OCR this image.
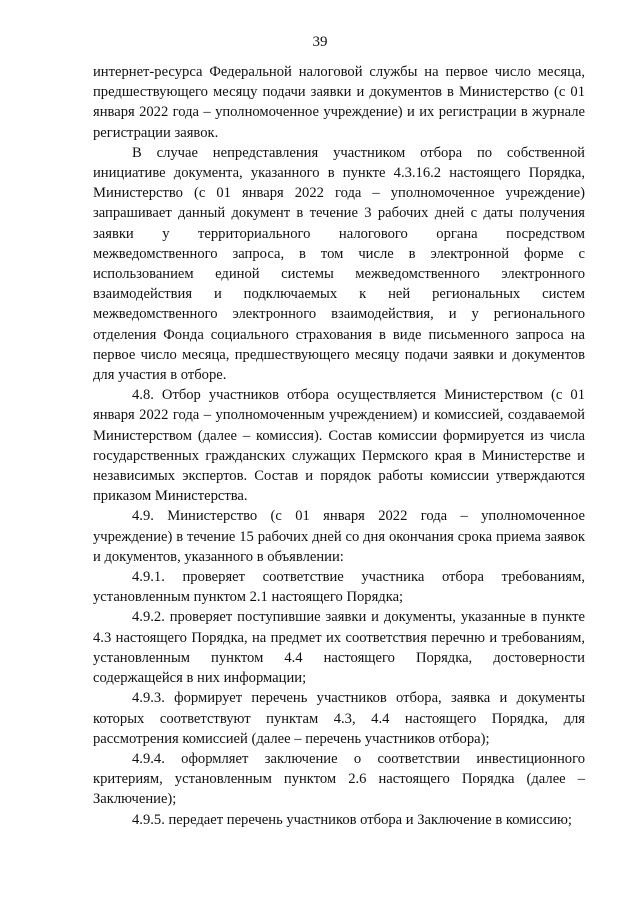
39

интернет-ресурса Федеральной налоговой службы на первое число месяца, предшествующего месяцу подачи заявки и документов в Министерство (с 01 января 2022 года – уполномоченное учреждение) и их регистрации в журнале регистрации заявок.

В случае непредставления участником отбора по собственной инициативе документа, указанного в пункте 4.3.16.2 настоящего Порядка, Министерство (с 01 января 2022 года – уполномоченное учреждение) запрашивает данный документ в течение 3 рабочих дней с даты получения заявки у территориального налогового органа посредством межведомственного запроса, в том числе в электронной форме с использованием единой системы межведомственного электронного взаимодействия и подключаемых к ней региональных систем межведомственного электронного взаимодействия, и у регионального отделения Фонда социального страхования в виде письменного запроса на первое число месяца, предшествующего месяцу подачи заявки и документов для участия в отборе.

4.8. Отбор участников отбора осуществляется Министерством (с 01 января 2022 года – уполномоченным учреждением) и комиссией, создаваемой Министерством (далее – комиссия). Состав комиссии формируется из числа государственных гражданских служащих Пермского края в Министерстве и независимых экспертов. Состав и порядок работы комиссии утверждаются приказом Министерства.

4.9. Министерство (с 01 января 2022 года – уполномоченное учреждение) в течение 15 рабочих дней со дня окончания срока приема заявок и документов, указанного в объявлении:

4.9.1. проверяет соответствие участника отбора требованиям, установленным пунктом 2.1 настоящего Порядка;

4.9.2. проверяет поступившие заявки и документы, указанные в пункте 4.3 настоящего Порядка, на предмет их соответствия перечню и требованиям, установленным пунктом 4.4 настоящего Порядка, достоверности содержащейся в них информации;

4.9.3. формирует перечень участников отбора, заявка и документы которых соответствуют пунктам 4.3, 4.4 настоящего Порядка, для рассмотрения комиссией (далее – перечень участников отбора);

4.9.4. оформляет заключение о соответствии инвестиционного критериям, установленным пунктом 2.6 настоящего Порядка (далее – Заключение);

4.9.5. передает перечень участников отбора и Заключение в комиссию;
